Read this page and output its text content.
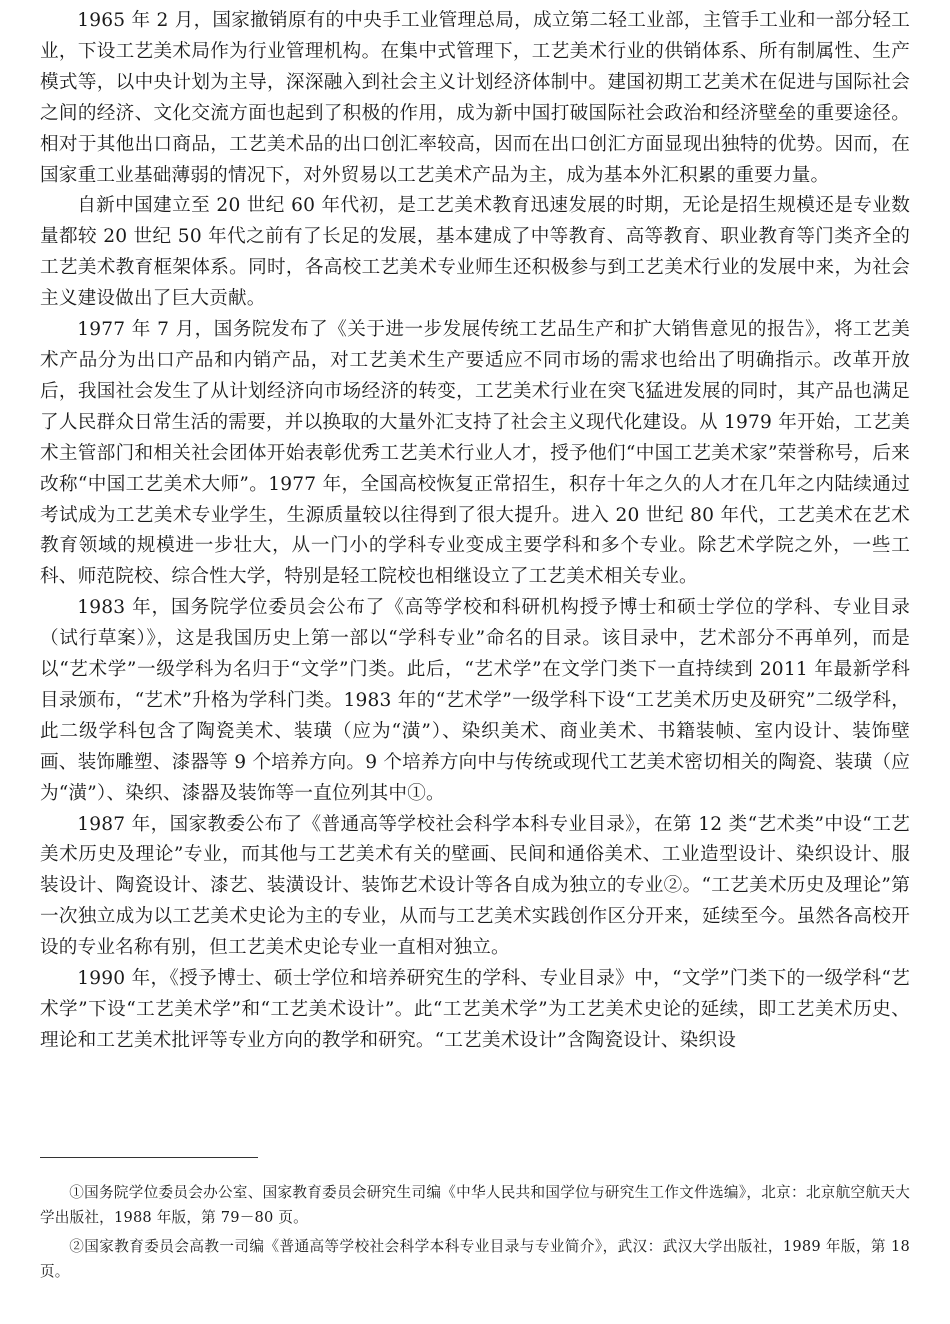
1965 年 2 月，国家撤销原有的中央手工业管理总局，成立第二轻工业部，主管手工业和一部分轻工业，下设工艺美术局作为行业管理机构。在集中式管理下，工艺美术行业的供销体系、所有制属性、生产模式等，以中央计划为主导，深深融入到社会主义计划经济体制中。建国初期工艺美术在促进与国际社会之间的经济、文化交流方面也起到了积极的作用，成为新中国打破国际社会政治和经济壁垒的重要途径。相对于其他出口商品，工艺美术品的出口创汇率较高，因而在出口创汇方面显现出独特的优势。因而，在国家重工业基础薄弱的情况下，对外贸易以工艺美术产品为主，成为基本外汇积累的重要力量。

自新中国建立至 20 世纪 60 年代初，是工艺美术教育迅速发展的时期，无论是招生规模还是专业数量都较 20 世纪 50 年代之前有了长足的发展，基本建成了中等教育、高等教育、职业教育等门类齐全的工艺美术教育框架体系。同时，各高校工艺美术专业师生还积极参与到工艺美术行业的发展中来，为社会主义建设做出了巨大贡献。

1977 年 7 月，国务院发布了《关于进一步发展传统工艺品生产和扩大销售意见的报告》，将工艺美术产品分为出口产品和内销产品，对工艺美术生产要适应不同市场的需求也给出了明确指示。改革开放后，我国社会发生了从计划经济向市场经济的转变，工艺美术行业在突飞猛进发展的同时，其产品也满足了人民群众日常生活的需要，并以换取的大量外汇支持了社会主义现代化建设。从 1979 年开始，工艺美术主管部门和相关社会团体开始表彰优秀工艺美术行业人才，授予他们“中国工艺美术家”荣誉称号，后来改称“中国工艺美术大师”。1977 年，全国高校恢复正常招生，积存十年之久的人才在几年之内陆续通过考试成为工艺美术专业学生，生源质量较以往得到了很大提升。进入 20 世纪 80 年代，工艺美术在艺术教育领域的规模进一步壮大，从一门小的学科专业变成主要学科和多个专业。除艺术学院之外，一些工科、师范院校、综合性大学，特别是轻工院校也相继设立了工艺美术相关专业。

1983 年，国务院学位委员会公布了《高等学校和科研机构授予博士和硕士学位的学科、专业目录（试行草案）》，这是我国历史上第一部以“学科专业”命名的目录。该目录中，艺术部分不再单列，而是以“艺术学”一级学科为名归于“文学”门类。此后，“艺术学”在文学门类下一直持续到 2011 年最新学科目录颁布，“艺术”升格为学科门类。1983 年的“艺术学”一级学科下设“工艺美术历史及研究”二级学科，此二级学科包含了陶瓷美术、装璜（应为“潢”）、染织美术、商业美术、书籍装帧、室内设计、装饰壁画、装饰雕塑、漆器等 9 个培养方向。9 个培养方向中与传统或现代工艺美术密切相关的陶瓷、装璜（应为“潢”）、染织、漆器及装饰等一直位列其中①。

1987 年，国家教委公布了《普通高等学校社会科学本科专业目录》，在第 12 类“艺术类”中设“工艺美术历史及理论”专业，而其他与工艺美术有关的壁画、民间和通俗美术、工业造型设计、染织设计、服装设计、陶瓷设计、漆艺、装潢设计、装饰艺术设计等各自成为独立的专业②。“工艺美术历史及理论”第一次独立成为以工艺美术史论为主的专业，从而与工艺美术实践创作区分开来，延续至今。虽然各高校开设的专业名称有别，但工艺美术史论专业一直相对独立。

1990 年，《授予博士、硕士学位和培养研究生的学科、专业目录》中，“文学”门类下的一级学科“艺术学”下设“工艺美术学”和“工艺美术设计”。此“工艺美术学”为工艺美术史论的延续，即工艺美术历史、理论和工艺美术批评等专业方向的教学和研究。“工艺美术设计”含陶瓷设计、染织设

①国务院学位委员会办公室、国家教育委员会研究生司编《中华人民共和国学位与研究生工作文件选编》，北京：北京航空航天大学出版社，1988 年版，第 79－80 页。

②国家教育委员会高教一司编《普通高等学校社会科学本科专业目录与专业简介》，武汉：武汉大学出版社，1989 年版，第 18 页。
